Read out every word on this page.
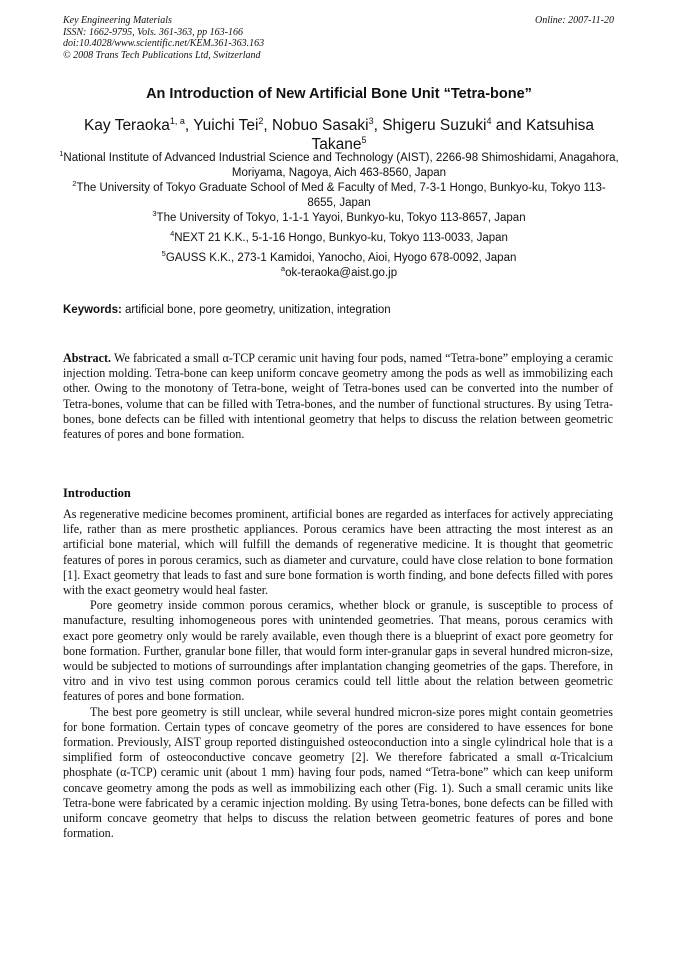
Key Engineering Materials
ISSN: 1662-9795, Vols. 361-363, pp 163-166
doi:10.4028/www.scientific.net/KEM.361-363.163
© 2008 Trans Tech Publications Ltd, Switzerland
Online: 2007-11-20
An Introduction of New Artificial Bone Unit “Tetra-bone”
Kay Teraoka$^{1, a}$, Yuichi Tei$^2$, Nobuo Sasaki$^3$, Shigeru Suzuki$^4$ and Katsuhisa Takane$^5$
$^1$National Institute of Advanced Industrial Science and Technology (AIST), 2266-98 Shimoshidami, Anagahora, Moriyama, Nagoya, Aich 463-8560, Japan
$^2$The University of Tokyo Graduate School of Med & Faculty of Med, 7-3-1 Hongo, Bunkyo-ku, Tokyo 113-8655, Japan
$^3$The University of Tokyo, 1-1-1 Yayoi, Bunkyo-ku, Tokyo 113-8657, Japan
$^4$NEXT 21 K.K., 5-1-16 Hongo, Bunkyo-ku, Tokyo 113-0033, Japan
$^5$GAUSS K.K., 273-1 Kamidoi, Yanocho, Aioi, Hyogo 678-0092, Japan
$^a$ok-teraoka@aist.go.jp
Keywords: artificial bone, pore geometry, unitization, integration
Abstract. We fabricated a small α-TCP ceramic unit having four pods, named “Tetra-bone” employing a ceramic injection molding. Tetra-bone can keep uniform concave geometry among the pods as well as immobilizing each other. Owing to the monotony of Tetra-bone, weight of Tetra-bones used can be converted into the number of Tetra-bones, volume that can be filled with Tetra-bones, and the number of functional structures. By using Tetra-bones, bone defects can be filled with intentional geometry that helps to discuss the relation between geometric features of pores and bone formation.
Introduction

As regenerative medicine becomes prominent, artificial bones are regarded as interfaces for actively appreciating life, rather than as mere prosthetic appliances. Porous ceramics have been attracting the most interest as an artificial bone material, which will fulfill the demands of regenerative medicine. It is thought that geometric features of pores in porous ceramics, such as diameter and curvature, could have close relation to bone formation [1]. Exact geometry that leads to fast and sure bone formation is worth finding, and bone defects filled with pores with the exact geometry would heal faster.

Pore geometry inside common porous ceramics, whether block or granule, is susceptible to process of manufacture, resulting inhomogeneous pores with unintended geometries. That means, porous ceramics with exact pore geometry only would be rarely available, even though there is a blueprint of exact pore geometry for bone formation. Further, granular bone filler, that would form inter-granular gaps in several hundred micron-size, would be subjected to motions of surroundings after implantation changing geometries of the gaps. Therefore, in vitro and in vivo test using common porous ceramics could tell little about the relation between geometric features of pores and bone formation.

The best pore geometry is still unclear, while several hundred micron-size pores might contain geometries for bone formation. Certain types of concave geometry of the pores are considered to have essences for bone formation. Previously, AIST group reported distinguished osteoconduction into a single cylindrical hole that is a simplified form of osteoconductive concave geometry [2]. We therefore fabricated a small α-Tricalcium phosphate (α-TCP) ceramic unit (about 1 mm) having four pods, named “Tetra-bone” which can keep uniform concave geometry among the pods as well as immobilizing each other (Fig. 1). Such a small ceramic units like Tetra-bone were fabricated by a ceramic injection molding. By using Tetra-bones, bone defects can be filled with uniform concave geometry that helps to discuss the relation between geometric features of pores and bone formation.
